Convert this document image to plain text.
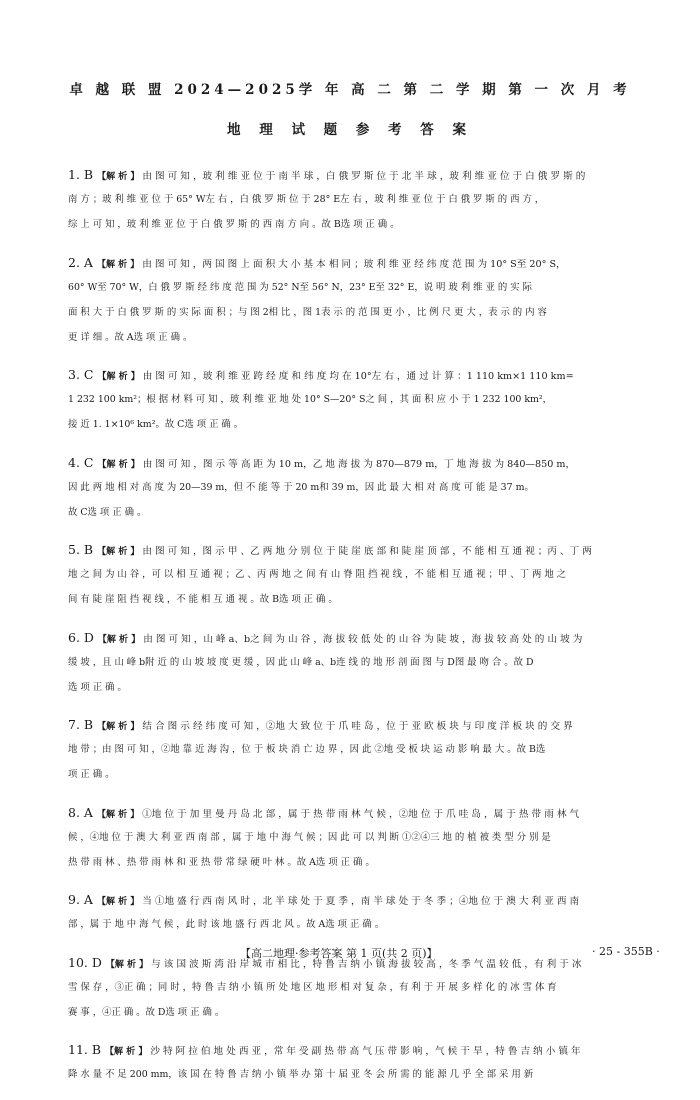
卓 越 联 盟 2024—2025学 年 高 二 第 二 学 期 第 一 次 月 考
地 理 试 题 参 考 答 案
1. B 【解 析 】 由 图 可 知 ，玻 利 维 亚 位 于 南 半 球 ，白 俄 罗 斯 位 于 北 半 球 ，玻 利 维 亚 位 于 白 俄 罗 斯 的
南 方 ；玻 利 维 亚 位 于 65° W左 右 ，白 俄 罗 斯 位 于 28° E左 右 ，玻 利 维 亚 位 于 白 俄 罗 斯 的 西 方 ，
综 上 可 知 ，玻 利 维 亚 位 于 白 俄 罗 斯 的 西 南 方 向 。故 B选 项 正 确 。
2. A 【解 析 】 由 图 可 知 ，两 国 图 上 面 积 大 小 基 本 相 同 ；玻 利 维 亚 经 纬 度 范 围 为 10° S至 20° S，
60° W至 70° W，白 俄 罗 斯 经 纬 度 范 围 为 52° N至 56° N，23° E至 32° E，说 明 玻 利 维 亚 的 实 际
面 积 大 于 白 俄 罗 斯 的 实 际 面 积 ；与 图 2相 比 ，图 1表 示 的 范 围 更 小 ，比 例 尺 更 大 ，表 示 的 内 容
更 详 细 。故 A选 项 正 确 。
3. C 【解 析 】 由 图 可 知 ，玻 利 维 亚 跨 经 度 和 纬 度 均 在 10°左 右 ，通 过 计 算 ：1 110 km×1 110 km=
1 232 100 km²；根 据 材 料 可 知 ，玻 利 维 亚 地 处 10° S—20° S之 间 ，其 面 积 应 小 于 1 232 100 km²，
接 近 1. 1×10⁶ km²。故 C选 项 正 确 。
4. C 【解 析 】 由 图 可 知 ，图 示 等 高 距 为 10 m，乙 地 海 拔 为 870—879 m，丁 地 海 拔 为 840—850 m，
因 此 两 地 相 对 高 度 为 20—39 m，但 不 能 等 于 20 m和 39 m，因 此 最 大 相 对 高 度 可 能 是 37 m。
故 C选 项 正 确 。
5. B 【解 析 】 由 图 可 知 ，图 示 甲 、乙 两 地 分 别 位 于 陡 崖 底 部 和 陡 崖 顶 部 ，不 能 相 互 通 视 ；丙 、丁 两
地 之 间 为 山 谷 ，可 以 相 互 通 视 ；乙 、丙 两 地 之 间 有 山 脊 阻 挡 视 线 ，不 能 相 互 通 视 ；甲 、丁 两 地 之
间 有 陡 崖 阻 挡 视 线 ，不 能 相 互 通 视 。故 B选 项 正 确 。
6. D 【解 析 】 由 图 可 知 ，山 峰 a、b之 间 为 山 谷 ，海 拔 较 低 处 的 山 谷 为 陡 坡 ，海 拔 较 高 处 的 山 坡 为
缓 坡 ，且 山 峰 b附 近 的 山 坡 坡 度 更 缓 ，因 此 山 峰 a、b连 线 的 地 形 剖 面 图 与 D图 最 吻 合 。故 D
选 项 正 确 。
7. B 【解 析 】 结 合 图 示 经 纬 度 可 知 ，②地 大 致 位 于 爪 哇 岛 ，位 于 亚 欧 板 块 与 印 度 洋 板 块 的 交 界
地 带 ；由 图 可 知 ，②地 靠 近 海 沟 ，位 于 板 块 消 亡 边 界 ，因 此 ②地 受 板 块 运 动 影 响 最 大 。故 B选
项 正 确 。
8. A 【解 析 】 ①地 位 于 加 里 曼 丹 岛 北 部 ，属 于 热 带 雨 林 气 候 ，②地 位 于 爪 哇 岛 ，属 于 热 带 雨 林 气
候 ，④地 位 于 澳 大 利 亚 西 南 部 ，属 于 地 中 海 气 候 ；因 此 可 以 判 断 ①②④三 地 的 植 被 类 型 分 别 是
热 带 雨 林 、热 带 雨 林 和 亚 热 带 常 绿 硬 叶 林 。故 A选 项 正 确 。
9. A 【解 析 】 当 ①地 盛 行 西 南 风 时 ，北 半 球 处 于 夏 季 ，南 半 球 处 于 冬 季 ；④地 位 于 澳 大 利 亚 西 南
部 ，属 于 地 中 海 气 候 ，此 时 该 地 盛 行 西 北 风 。故 A选 项 正 确 。
10. D 【解 析 】 与 该 国 波 斯 湾 沿 岸 城 市 相 比 ，特 鲁 吉 纳 小 镇 海 拔 较 高 ，冬 季 气 温 较 低 ，有 利 于 冰
雪 保 存 ，③正 确 ；同 时 ，特 鲁 吉 纳 小 镇 所 处 地 区 地 形 相 对 复 杂 ，有 利 于 开 展 多 样 化 的 冰 雪 体 育
赛 事 ，④正 确 。故 D选 项 正 确 。
11. B 【解 析 】 沙 特 阿 拉 伯 地 处 西 亚 ，常 年 受 副 热 带 高 气 压 带 影 响 ，气 候 干 旱 ，特 鲁 吉 纳 小 镇 年
降 水 量 不 足 200 mm，该 国 在 特 鲁 吉 纳 小 镇 举 办 第 十 届 亚 冬 会 所 需 的 能 源 几 乎 全 部 采 用 新
【高二地理·参考答案 第 1 页(共 2 页)】	· 25 - 355B ·
